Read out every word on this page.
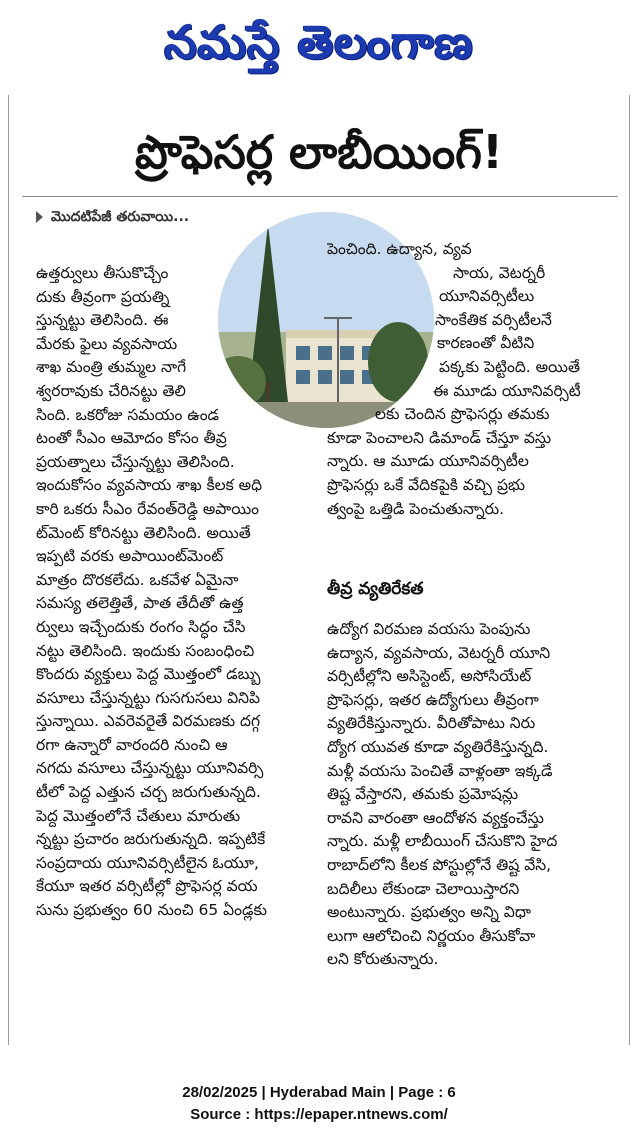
నమస్తే తెలంగాణ
ప్రొఫెసర్ల లాబీయింగ్!
మొదటిపేజీ తరువాయి...
ఉత్తర్వులు తీసుకొచ్చేం
దుకు తీవ్రంగా ప్రయత్ని
స్తున్నట్టు తెలిసింది. ఈ
మేరకు ఫైలు వ్యవసాయ
శాఖ మంత్రి తుమ్మల నాగే
శ్వరరావుకు చేరినట్టు తెలి
సింది. ఒకరోజు సమయం ఉండ
టంతో సీఎం ఆమోదం కోసం తీవ్ర
ప్రయత్నాలు చేస్తున్నట్టు తెలిసింది.
ఇందుకోసం వ్యవసాయ శాఖ కీలక అధి
కారి ఒకరు సీఎం రేవంత్‌రెడ్డి అపాయిం
ట్‌మెంట్ కోరినట్టు తెలిసింది. అయితే
ఇప్పటి వరకు అపాయింట్‌మెంట్
మాత్రం దొరకలేదు. ఒకవేళ ఏమైనా
సమస్య తలెత్తితే, పాత తేదీతో ఉత్త
ర్వులు ఇచ్చేందుకు రంగం సిద్ధం చేసి
నట్టు తెలిసింది. ఇందుకు సంబంధించి
కొందరు వ్యక్తులు పెద్ద మొత్తంలో డబ్బు
వసూలు చేస్తున్నట్టు గుసగుసలు వినిపి
స్తున్నాయి. ఎవరెవరైతే విరమణకు దగ్గ
రగా ఉన్నారో వారందరి నుంచి ఆ
నగదు వసూలు చేస్తున్నట్టు యూనివర్సి
టీలో పెద్ద ఎత్తున చర్చ జరుగుతున్నది.
పెద్ద మొత్తంలోనే చేతులు మారుతు
న్నట్టు ప్రచారం జరుగుతున్నది. ఇప్పటికే
సంప్రదాయ యూనివర్సిటీలైన ఓయూ,
కేయూ ఇతర వర్సిటీల్లో ప్రొఫెసర్ల వయ
సును ప్రభుత్వం 60 నుంచి 65 ఏండ్లకు
పెంచింది. ఉద్యాన, వ్యవ
సాయ, వెటర్నరీ
యూనివర్సిటీలు
సాంకేతిక వర్సిటీలనే
కారణంతో వీటిని
పక్కకు పెట్టింది. అయితే
ఈ మూడు యూనివర్సిటీ
లకు చెందిన ప్రొఫెసర్లు తమకు
కూడా పెంచాలని డిమాండ్ చేస్తూ వస్తు
న్నారు. ఆ మూడు యూనివర్సిటీల
ప్రొఫెసర్లు ఒకే వేదికపైకి వచ్చి ప్రభు
త్వంపై ఒత్తిడి పెంచుతున్నారు.
తీవ్ర వ్యతిరేకత
ఉద్యోగ విరమణ వయసు పెంపును
ఉద్యాన, వ్యవసాయ, వెటర్నరీ యూని
వర్సిటీల్లోని అసిస్టెంట్, అసోసియేట్
ప్రొఫెసర్లు, ఇతర ఉద్యోగులు తీవ్రంగా
వ్యతిరేకిస్తున్నారు. వీరితోపాటు నిరు
ద్యోగ యువత కూడా వ్యతిరేకిస్తున్నది.
మళ్లీ వయసు పెంచితే వాళ్లంతా ఇక్కడే
తిష్ట వేస్తారని, తమకు ప్రమోషన్లు
రావని వారంతా ఆందోళన వ్యక్తంచేస్తు
న్నారు. మళ్లీ లాబీయింగ్ చేసుకొని హైద
రాబాద్‌లోని కీలక పోస్టుల్లోనే తిష్ట వేసి,
బదిలీలు లేకుండా చెలాయిస్తారని
అంటున్నారు. ప్రభుత్వం అన్ని విధా
లుగా ఆలోచించి నిర్ణయం తీసుకోవా
లని కోరుతున్నారు.
28/02/2025 | Hyderabad Main | Page : 6
Source : https://epaper.ntnews.com/
